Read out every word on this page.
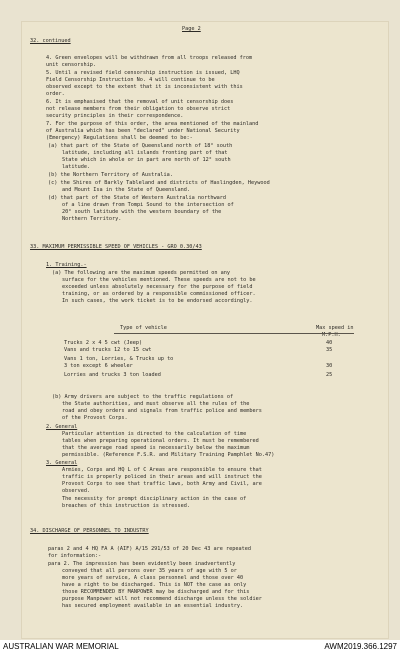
Page 2
32. continued
4. Green envelopes will be withdrawn from all troops released from
unit censorship.
5. Until a revised field censorship instruction is issued, LHQ
Field Censorship Instruction No. 4 will continue to be
observed except to the extent that it is inconsistent with this
order.
6. It is emphasised that the removal of unit censorship does
not release members from their obligation to observe strict
security principles in their correspondence.
7. For the purpose of this order, the area mentioned of the mainland
of Australia which has been "declared" under National Security
(Emergency) Regulations shall be deemed to be:-
(a) that part of the State of Queensland north of 18° south
latitude, including all islands fronting part of that
State which in whole or in part are north of 12° south
latitude.
(b) the Northern Territory of Australia.
(c) the Shires of Barkly Tableland and districts of Haslingden, Heywood
and Mount Isa in the State of Queensland.
(d) that part of the State of Western Australia northward
of a line drawn from Tompi Sound to the intersection of
20° south latitude with the western boundary of the
Northern Territory.
33. MAXIMUM PERMISSIBLE SPEED OF VEHICLES - GRO 0.30/43
1. Training.-
(a) The following are the maximum speeds permitted on any
surface for the vehicles mentioned. These speeds are not to be
exceeded unless absolutely necessary for the purpose of field
training, or as ordered by a responsible commissioned officer.
In such cases, the work ticket is to be endorsed accordingly.
Type of vehicle	Max speed in
M.P.H.
Trucks 2 x 4 5 cwt (Jeep)	40
Vans and trucks 12 to 15 cwt	35
Vans 1 ton, Lorries, & Trucks up to
3 ton except 6 wheeler	30
Lorries and trucks 3 ton loaded	25
(b) Army drivers are subject to the traffic regulations of
the State authorities, and must observe all the rules of the
road and obey orders and signals from traffic police and members
of the Provost Corps.
2. General
Particular attention is directed to the calculation of time
tables when preparing operational orders. It must be remembered
that the average road speed is necessarily below the maximum
permissible. (Reference F.S.R. and Military Training Pamphlet No.47)
3. General
Armies, Corps and HQ L of C Areas are responsible to ensure that
traffic is properly policed in their areas and will instruct the
Provost Corps to see that traffic laws, both Army and Civil, are
observed.
The necessity for prompt disciplinary action in the case of
breaches of this instruction is stressed.
34. DISCHARGE OF PERSONNEL TO INDUSTRY
paras 2 and 4 HQ FA A (AIF) A/15 291/53 of 20 Dec 43 are repeated
for information:-
para 2. The impression has been evidently been inadvertently
conveyed that all persons over 35 years of age with 5 or
more years of service, A class personnel and those over 40
have a right to be discharged. This is NOT the case as only
those RECOMMENDED BY MANPOWER may be discharged and for this
purpose Manpower will not recommend discharge unless the soldier
has secured employment available in an essential industry.
AUSTRALIAN WAR MEMORIAL	AWM2019.366.1297
